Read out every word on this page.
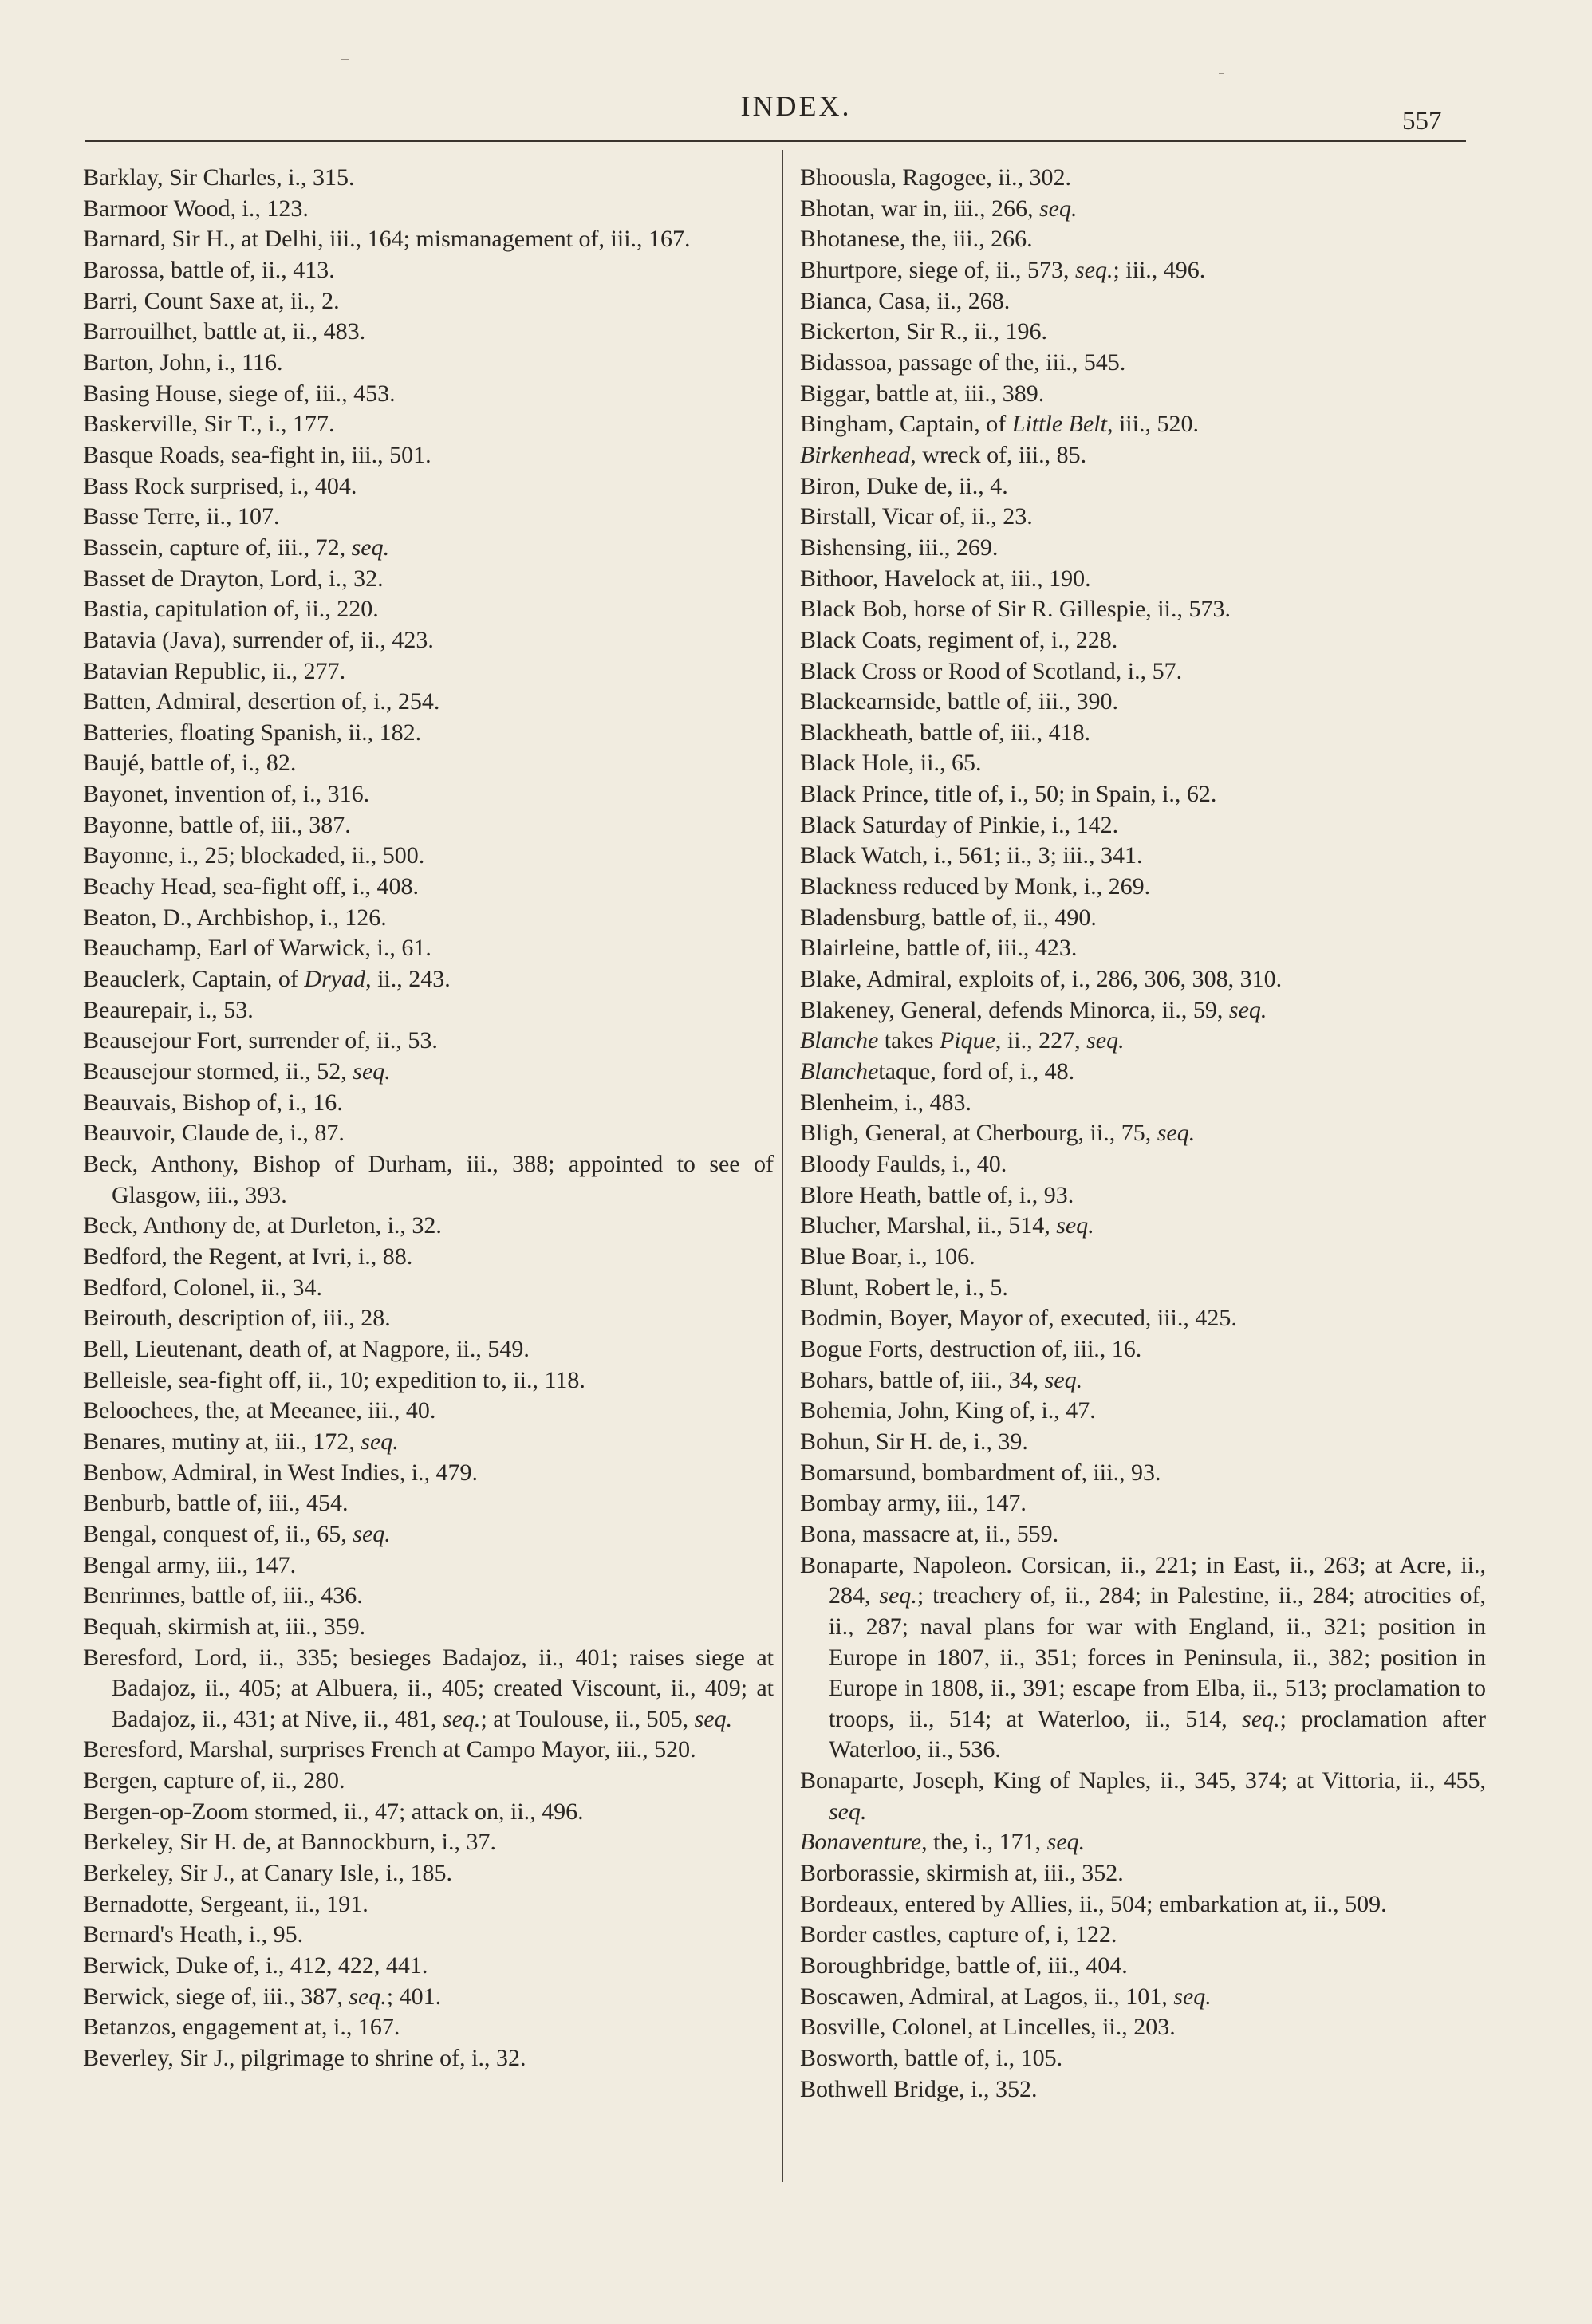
INDEX.	557

Barklay, Sir Charles, i., 315.

Barmoor Wood, i., 123.

Barnard, Sir H., at Delhi, iii., 164; mismanagement of, iii., 167.

Barossa, battle of, ii., 413.

Barri, Count Saxe at, ii., 2.

Barrouilhet, battle at, ii., 483.

Barton, John, i., 116.

Basing House, siege of, iii., 453.

Baskerville, Sir T., i., 177.

Basque Roads, sea-fight in, iii., 501.

Bass Rock surprised, i., 404.

Basse Terre, ii., 107.

Bassein, capture of, iii., 72, seq.

Basset de Drayton, Lord, i., 32.

Bastia, capitulation of, ii., 220.

Batavia (Java), surrender of, ii., 423.

Batavian Republic, ii., 277.

Batten, Admiral, desertion of, i., 254.

Batteries, floating Spanish, ii., 182.

Baujé, battle of, i., 82.

Bayonet, invention of, i., 316.

Bayonne, battle of, iii., 387.

Bayonne, i., 25; blockaded, ii., 500.

Beachy Head, sea-fight off, i., 408.

Beaton, D., Archbishop, i., 126.

Beauchamp, Earl of Warwick, i., 61.

Beauclerk, Captain, of Dryad, ii., 243.

Beaurepair, i., 53.

Beausejour Fort, surrender of, ii., 53.

Beausejour stormed, ii., 52, seq.

Beauvais, Bishop of, i., 16.

Beauvoir, Claude de, i., 87.

Beck, Anthony, Bishop of Durham, iii., 388; appointed to see of Glasgow, iii., 393.

Beck, Anthony de, at Durleton, i., 32.

Bedford, the Regent, at Ivri, i., 88.

Bedford, Colonel, ii., 34.

Beirouth, description of, iii., 28.

Bell, Lieutenant, death of, at Nagpore, ii., 549.

Belleisle, sea-fight off, ii., 10; expedition to, ii., 118.

Beloochees, the, at Meeanee, iii., 40.

Benares, mutiny at, iii., 172, seq.

Benbow, Admiral, in West Indies, i., 479.

Benburb, battle of, iii., 454.

Bengal, conquest of, ii., 65, seq.

Bengal army, iii., 147.

Benrinnes, battle of, iii., 436.

Bequah, skirmish at, iii., 359.

Beresford, Lord, ii., 335; besieges Badajoz, ii., 401; raises siege at Badajoz, ii., 405; at Albuera, ii., 405; created Viscount, ii., 409; at Badajoz, ii., 431; at Nive, ii., 481, seq.; at Toulouse, ii., 505, seq.

Beresford, Marshal, surprises French at Campo Mayor, iii., 520.

Bergen, capture of, ii., 280.

Bergen-op-Zoom stormed, ii., 47; attack on, ii., 496.

Berkeley, Sir H. de, at Bannockburn, i., 37.

Berkeley, Sir J., at Canary Isle, i., 185.

Bernadotte, Sergeant, ii., 191.

Bernard's Heath, i., 95.

Berwick, Duke of, i., 412, 422, 441.

Berwick, siege of, iii., 387, seq.; 401.

Betanzos, engagement at, i., 167.

Beverley, Sir J., pilgrimage to shrine of, i., 32.

Bhoousla, Ragogee, ii., 302.

Bhotan, war in, iii., 266, seq.

Bhotanese, the, iii., 266.

Bhurtpore, siege of, ii., 573, seq.; iii., 496.

Bianca, Casa, ii., 268.

Bickerton, Sir R., ii., 196.

Bidassoa, passage of the, iii., 545.

Biggar, battle at, iii., 389.

Bingham, Captain, of Little Belt, iii., 520.

Birkenhead, wreck of, iii., 85.

Biron, Duke de, ii., 4.

Birstall, Vicar of, ii., 23.

Bishensing, iii., 269.

Bithoor, Havelock at, iii., 190.

Black Bob, horse of Sir R. Gillespie, ii., 573.

Black Coats, regiment of, i., 228.

Black Cross or Rood of Scotland, i., 57.

Blackearnside, battle of, iii., 390.

Blackheath, battle of, iii., 418.

Black Hole, ii., 65.

Black Prince, title of, i., 50; in Spain, i., 62.

Black Saturday of Pinkie, i., 142.

Black Watch, i., 561; ii., 3; iii., 341.

Blackness reduced by Monk, i., 269.

Bladensburg, battle of, ii., 490.

Blairleine, battle of, iii., 423.

Blake, Admiral, exploits of, i., 286, 306, 308, 310.

Blakeney, General, defends Minorca, ii., 59, seq.

Blanche takes Pique, ii., 227, seq.

Blanchetaque, ford of, i., 48.

Blenheim, i., 483.

Bligh, General, at Cherbourg, ii., 75, seq.

Bloody Faulds, i., 40.

Blore Heath, battle of, i., 93.

Blucher, Marshal, ii., 514, seq.

Blue Boar, i., 106.

Blunt, Robert le, i., 5.

Bodmin, Boyer, Mayor of, executed, iii., 425.

Bogue Forts, destruction of, iii., 16.

Bohars, battle of, iii., 34, seq.

Bohemia, John, King of, i., 47.

Bohun, Sir H. de, i., 39.

Bomarsund, bombardment of, iii., 93.

Bombay army, iii., 147.

Bona, massacre at, ii., 559.

Bonaparte, Napoleon. Corsican, ii., 221; in East, ii., 263; at Acre, ii., 284, seq.; treachery of, ii., 284; in Palestine, ii., 284; atrocities of, ii., 287; naval plans for war with England, ii., 321; position in Europe in 1807, ii., 351; forces in Peninsula, ii., 382; position in Europe in 1808, ii., 391; escape from Elba, ii., 513; proclamation to troops, ii., 514; at Waterloo, ii., 514, seq.; proclamation after Waterloo, ii., 536.

Bonaparte, Joseph, King of Naples, ii., 345, 374; at Vittoria, ii., 455, seq.

Bonaventure, the, i., 171, seq.

Borborassie, skirmish at, iii., 352.

Bordeaux, entered by Allies, ii., 504; embarkation at, ii., 509.

Border castles, capture of, i, 122.

Boroughbridge, battle of, iii., 404.

Boscawen, Admiral, at Lagos, ii., 101, seq.

Bosville, Colonel, at Lincelles, ii., 203.

Bosworth, battle of, i., 105.

Bothwell Bridge, i., 352.
